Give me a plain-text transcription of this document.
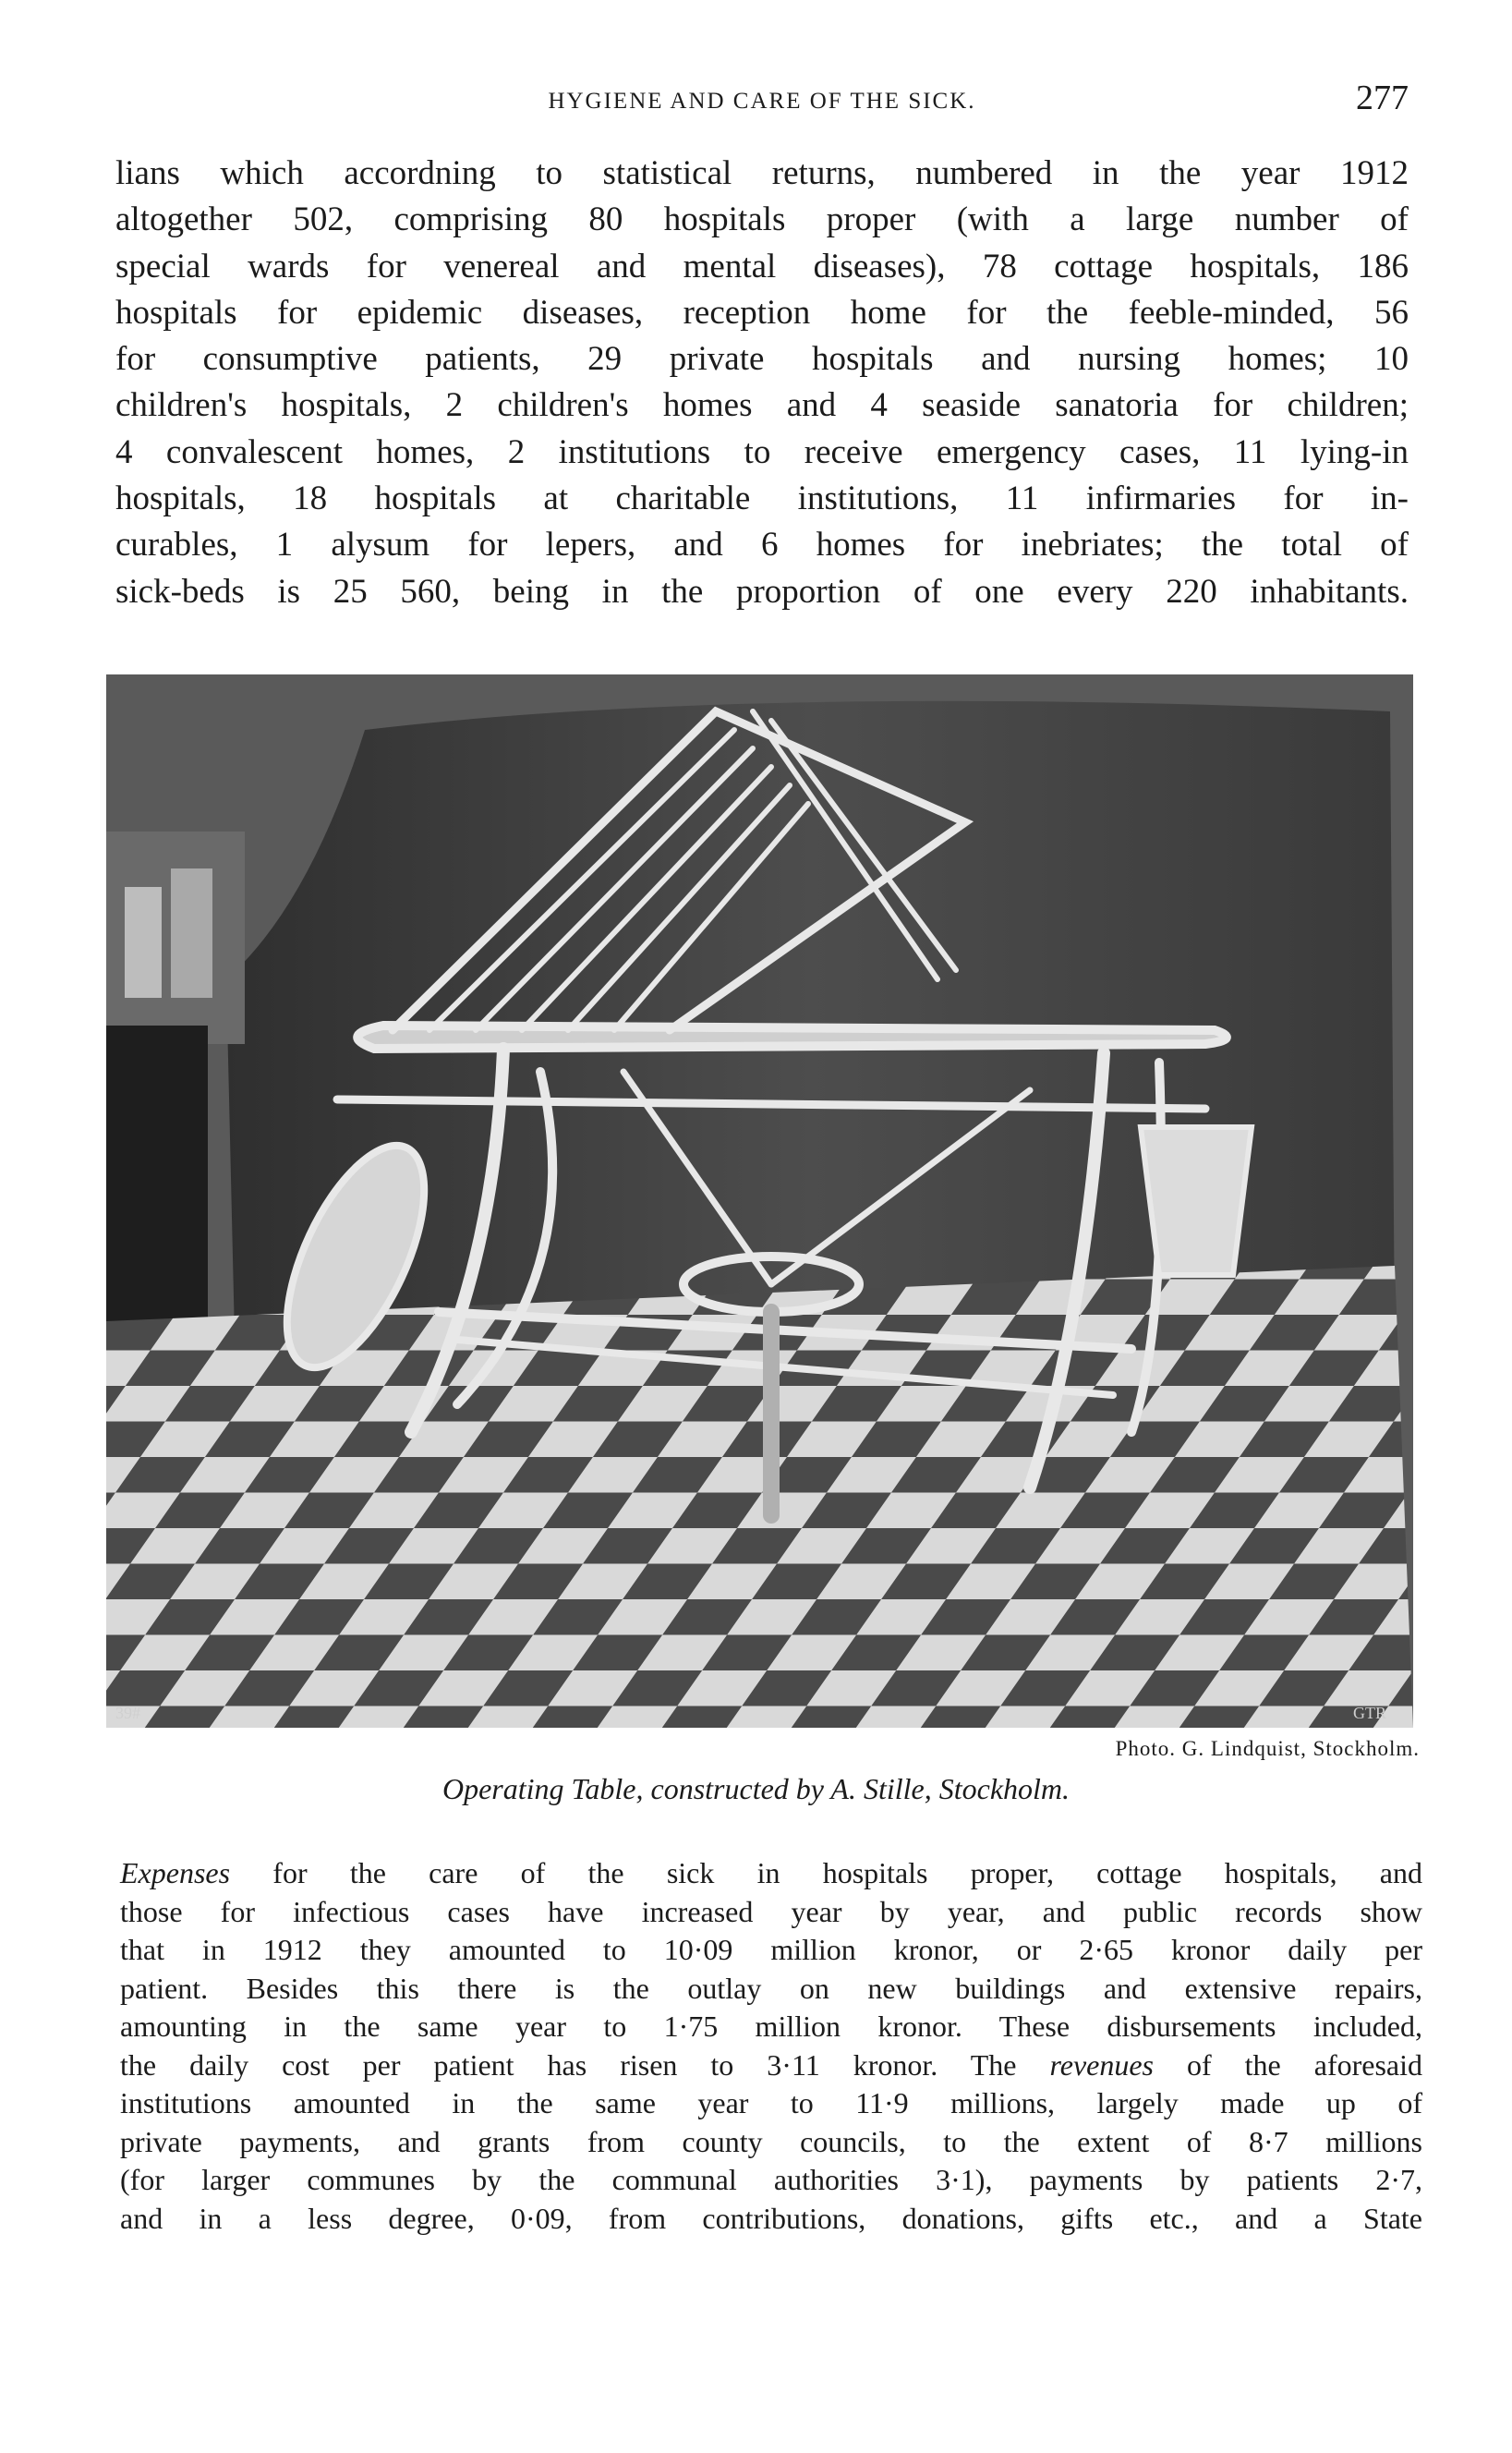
HYGIENE AND CARE OF THE SICK.	277

lians which accordning to statistical returns, numbered in the year 1912
altogether 502, comprising 80 hospitals proper (with a large number of
special wards for venereal and mental diseases), 78 cottage hospitals, 186
hospitals for epidemic diseases, reception home for the feeble-minded, 56
for consumptive patients, 29 private hospitals and nursing homes; 10
children's hospitals, 2 children's homes and 4 seaside sanatoria for children;
4 convalescent homes, 2 institutions to receive emergency cases, 11 lying-in
hospitals, 18 hospitals at charitable institutions, 11 infirmaries for in-
curables, 1 alysum for lepers, and 6 homes for inebriates; the total of
sick-beds is 25 560, being in the proportion of one every 220 inhabitants.

39#	GTR
Photo. G. Lindquist, Stockholm.
Operating Table, constructed by A. Stille, Stockholm.

Expenses for the care of the sick in hospitals proper, cottage hospitals, and
those for infectious cases have increased year by year, and public records show
that in 1912 they amounted to 10·09 million kronor, or 2·65 kronor daily per
patient. Besides this there is the outlay on new buildings and extensive repairs,
amounting in the same year to 1·75 million kronor. These disbursements included,
the daily cost per patient has risen to 3·11 kronor. The revenues of the aforesaid
institutions amounted in the same year to 11·9 millions, largely made up of
private payments, and grants from county councils, to the extent of 8·7 millions
(for larger communes by the communal authorities 3·1), payments by patients 2·7,
and in a less degree, 0·09, from contributions, donations, gifts etc., and a State
